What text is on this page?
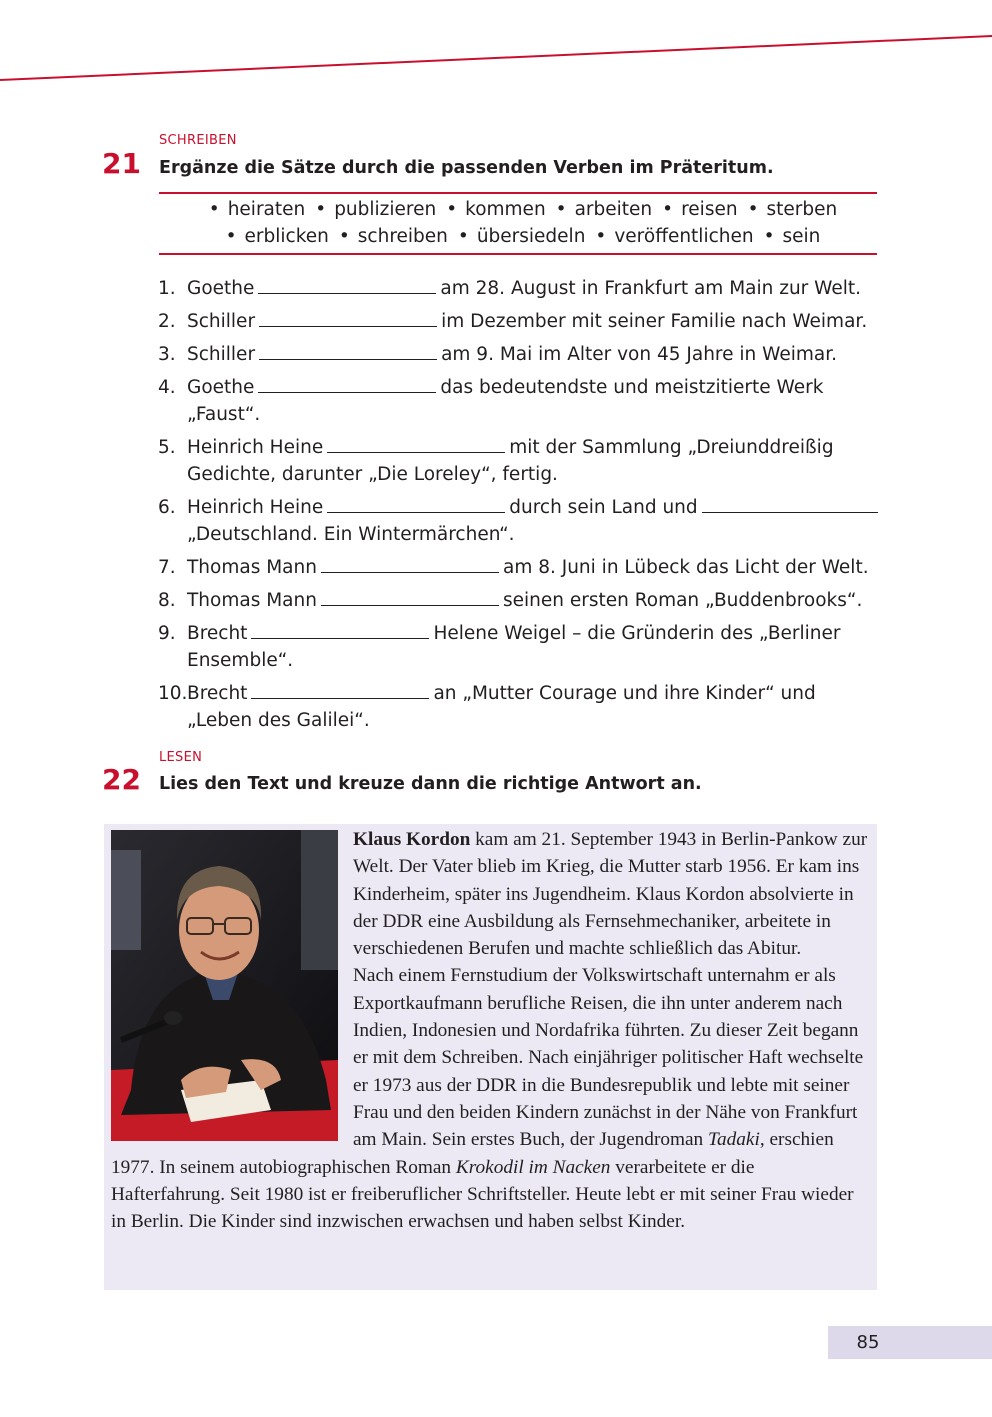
SCHREIBEN
21 Ergänze die Sätze durch die passenden Verben im Präteritum.
• heiraten • publizieren • kommen • arbeiten • reisen • sterben
• erblicken • schreiben • übersiedeln • veröffentlichen • sein
1. Goethe	am 28. August in Frankfurt am Main zur Welt.
2. Schiller	im Dezember mit seiner Familie nach Weimar.
3. Schiller	am 9. Mai im Alter von 45 Jahre in Weimar.
4. Goethe	das bedeutendste und meistzitierte Werk „Faust“.
5. Heinrich Heine	mit der Sammlung „Dreiunddreißig Gedichte, darunter „Die Loreley“, fertig.
6. Heinrich Heine	durch sein Land und
„Deutschland. Ein Wintermärchen“.
7. Thomas Mann	am 8. Juni in Lübeck das Licht der Welt.
8. Thomas Mann	seinen ersten Roman „Buddenbrooks“.
9. Brecht	Helene Weigel – die Gründerin des „Berliner Ensemble“.
10. Brecht	an „Mutter Courage und ihre Kinder“ und „Leben des Galilei“.
LESEN
22 Lies den Text und kreuze dann die richtige Antwort an.

Klaus Kordon kam am 21. September 1943 in Berlin-Pankow zur Welt. Der Vater blieb im Krieg, die Mutter starb 1956. Er kam ins Kinderheim, später ins Jugendheim. Klaus Kordon absolvierte in der DDR eine Ausbildung als Fernsehmechaniker, arbeitete in verschiedenen Berufen und machte schließlich das Abitur.

Nach einem Fernstudium der Volkswirtschaft unternahm er als Exportkaufmann berufliche Reisen, die ihn unter anderem nach Indien, Indonesien und Nordafrika führten. Zu dieser Zeit begann er mit dem Schreiben. Nach einjähriger politischer Haft wechselte er 1973 aus der DDR in die Bundesrepublik und lebte mit seiner Frau und den beiden Kindern zunächst in der Nähe von Frankfurt am Main. Sein erstes Buch, der Jugendroman Tadaki, erschien 1977. In seinem autobiographischen Roman Krokodil im Nacken verarbeitete er die Hafterfahrung. Seit 1980 ist er freiberuflicher Schriftsteller. Heute lebt er mit seiner Frau wieder in Berlin. Die Kinder sind inzwischen erwachsen und haben selbst Kinder.

85
